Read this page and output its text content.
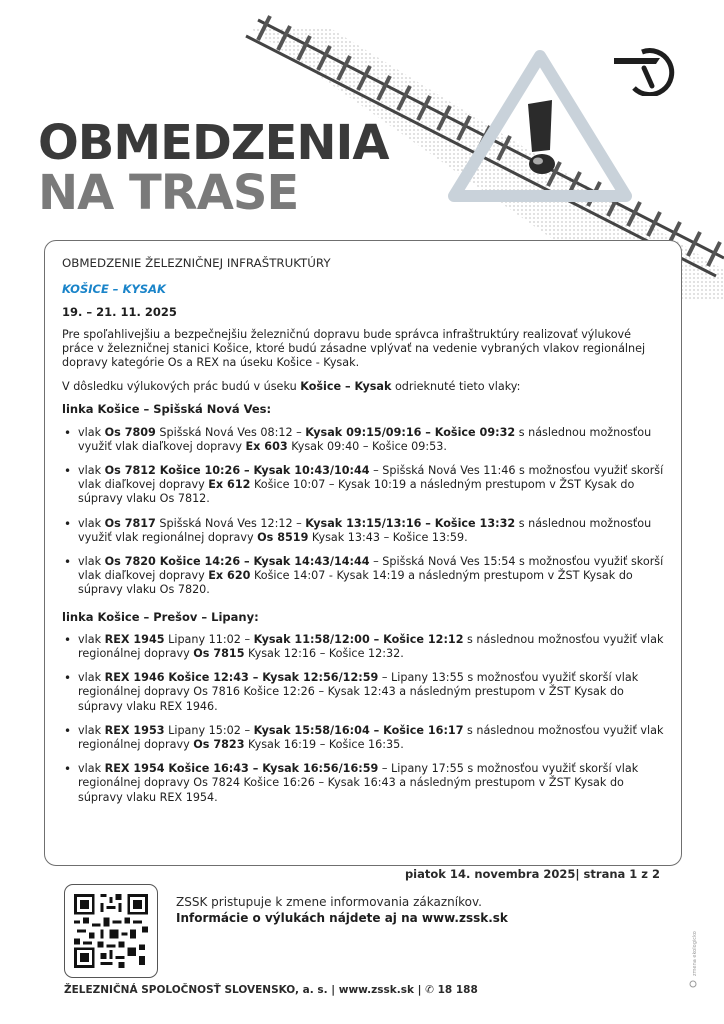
OBMEDZENIA
NA TRASE

OBMEDZENIE ŽELEZNIČNEJ INFRAŠTRUKTÚRY

KOŠICE – KYSAK

19. – 21. 11. 2025

Pre spoľahlivejšiu a bezpečnejšiu železničnú dopravu bude správca infraštruktúry realizovať výlukové práce v železničnej stanici Košice, ktoré budú zásadne vplývať na vedenie vybraných vlakov regionálnej dopravy kategórie Os a REX na úseku Košice - Kysak.

V dôsledku výlukových prác budú v úseku Košice – Kysak odrieknuté tieto vlaky:

linka Košice – Spišská Nová Ves:

• vlak Os 7809 Spišská Nová Ves 08:12 – Kysak 09:15/09:16 – Košice 09:32 s následnou možnosťou využiť vlak diaľkovej dopravy Ex 603 Kysak 09:40 – Košice 09:53.
• vlak Os 7812 Košice 10:26 – Kysak 10:43/10:44 – Spišská Nová Ves 11:46 s možnosťou využiť skorší vlak diaľkovej dopravy Ex 612 Košice 10:07 – Kysak 10:19 a následným prestupom v ŽST Kysak do súpravy vlaku Os 7812.
• vlak Os 7817 Spišská Nová Ves 12:12 – Kysak 13:15/13:16 – Košice 13:32 s následnou možnosťou využiť vlak regionálnej dopravy Os 8519 Kysak 13:43 – Košice 13:59.
• vlak Os 7820 Košice 14:26 – Kysak 14:43/14:44 – Spišská Nová Ves 15:54 s možnosťou využiť skorší vlak diaľkovej dopravy Ex 620 Košice 14:07 - Kysak 14:19 a následným prestupom v ŽST Kysak do súpravy vlaku Os 7820.

linka Košice – Prešov – Lipany:

• vlak REX 1945 Lipany 11:02 – Kysak 11:58/12:00 – Košice 12:12 s následnou možnosťou využiť vlak regionálnej dopravy Os 7815 Kysak 12:16 – Košice 12:32.
• vlak REX 1946 Košice 12:43 – Kysak 12:56/12:59 – Lipany 13:55 s možnosťou využiť skorší vlak regionálnej dopravy Os 7816 Košice 12:26 – Kysak 12:43 a následným prestupom v ŽST Kysak do súpravy vlaku REX 1946.
• vlak REX 1953 Lipany 15:02 – Kysak 15:58/16:04 – Košice 16:17 s následnou možnosťou využiť vlak regionálnej dopravy Os 7823 Kysak 16:19 – Košice 16:35.
• vlak REX 1954 Košice 16:43 – Kysak 16:56/16:59 – Lipany 17:55 s možnosťou využiť skorší vlak regionálnej dopravy Os 7824 Košice 16:26 – Kysak 16:43 a následným prestupom v ŽST Kysak do súpravy vlaku REX 1954.
piatok 14. novembra 2025| strana 1 z 2
ZSSK pristupuje k zmene informovania zákazníkov.
Informácie o výlukách nájdete aj na www.zssk.sk
ŽELEZNIČNÁ SPOLOČNOSŤ SLOVENSKO, a. s. | www.zssk.sk | ✆ 18 188
zmena ekologicko
